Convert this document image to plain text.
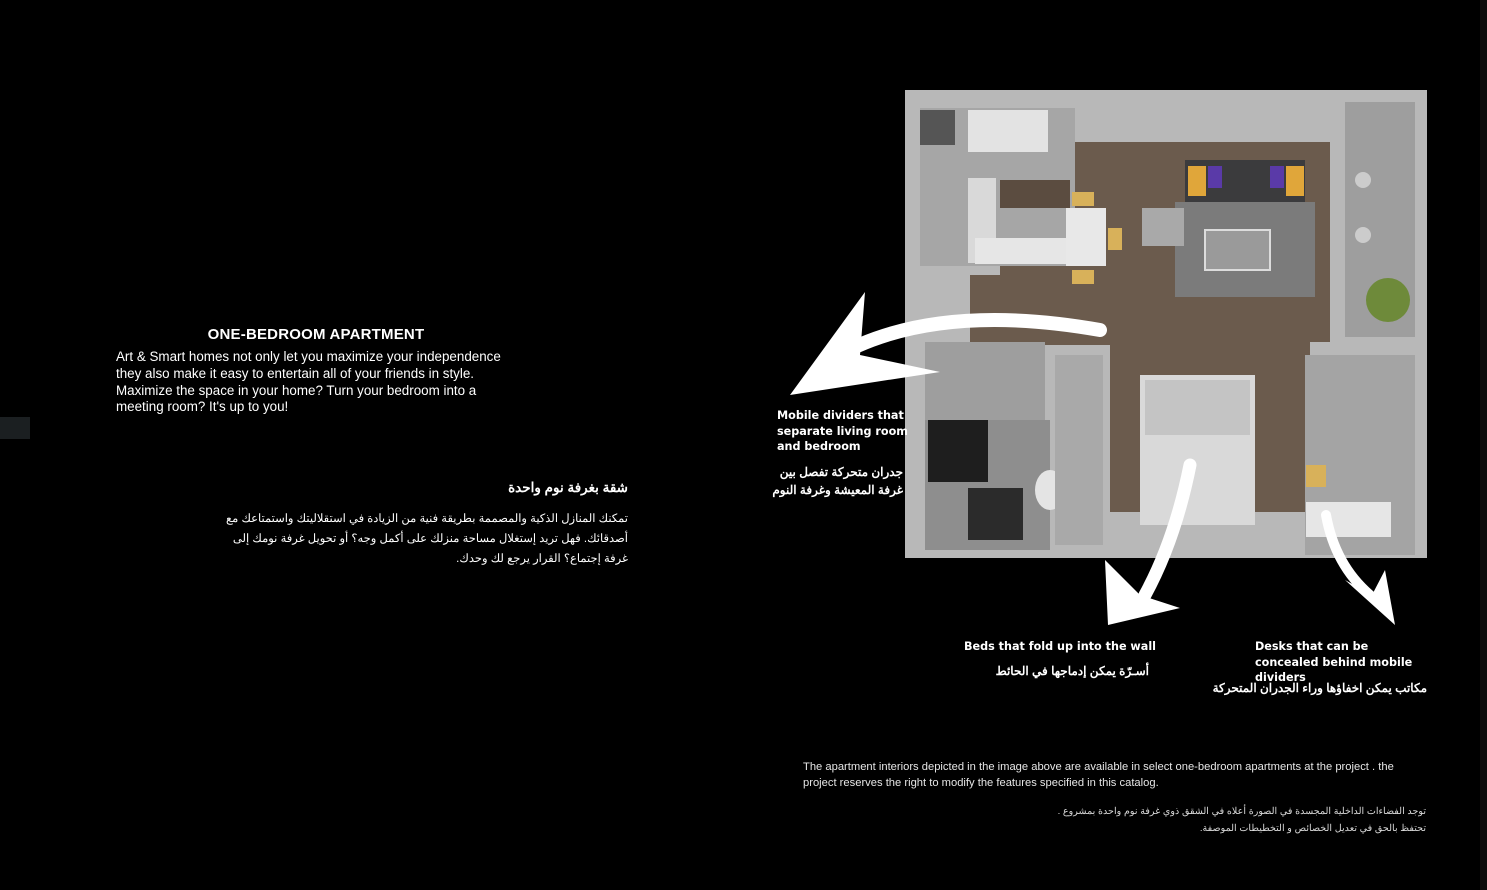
ONE-BEDROOM APARTMENT
Art & Smart homes not only let you maximize your independence they also make it easy to entertain all of your friends in style. Maximize the space in your home? Turn your bedroom into a meeting room? It's up to you!
شقة بغرفة نوم واحدة
تمكنك المنازل الذكية والمصممة بطريقة فنية من الزيادة في استقلاليتك واستمتاعك مع أصدقائك. فهل تريد إستغلال مساحة منزلك على أكمل وجه؟ أو تحويل غرفة نومك إلى غرفة إجتماع؟ القرار يرجع لك وحدك.
Mobile dividers that separate living room and bedroom
جدران متحركة تفصل بين غرفة المعيشة وغرفة النوم
Beds that fold up into the wall
أسـرّة يمكن إدماجها في الحائط
Desks that can be concealed behind mobile dividers
مكاتب يمكن اخفاؤها وراء الجدران المتحركة
The apartment interiors depicted in the image above are available in select one-bedroom apartments at the project . the project reserves the right to modify the features specified in this catalog.
توجد الفضاءات الداخلية المجسدة في الصورة أعلاه في الشقق ذوي غرفة نوم واحدة بمشروع . تحتفظ بالحق في تعديل الخصائص و التخطيطات الموصفة.
